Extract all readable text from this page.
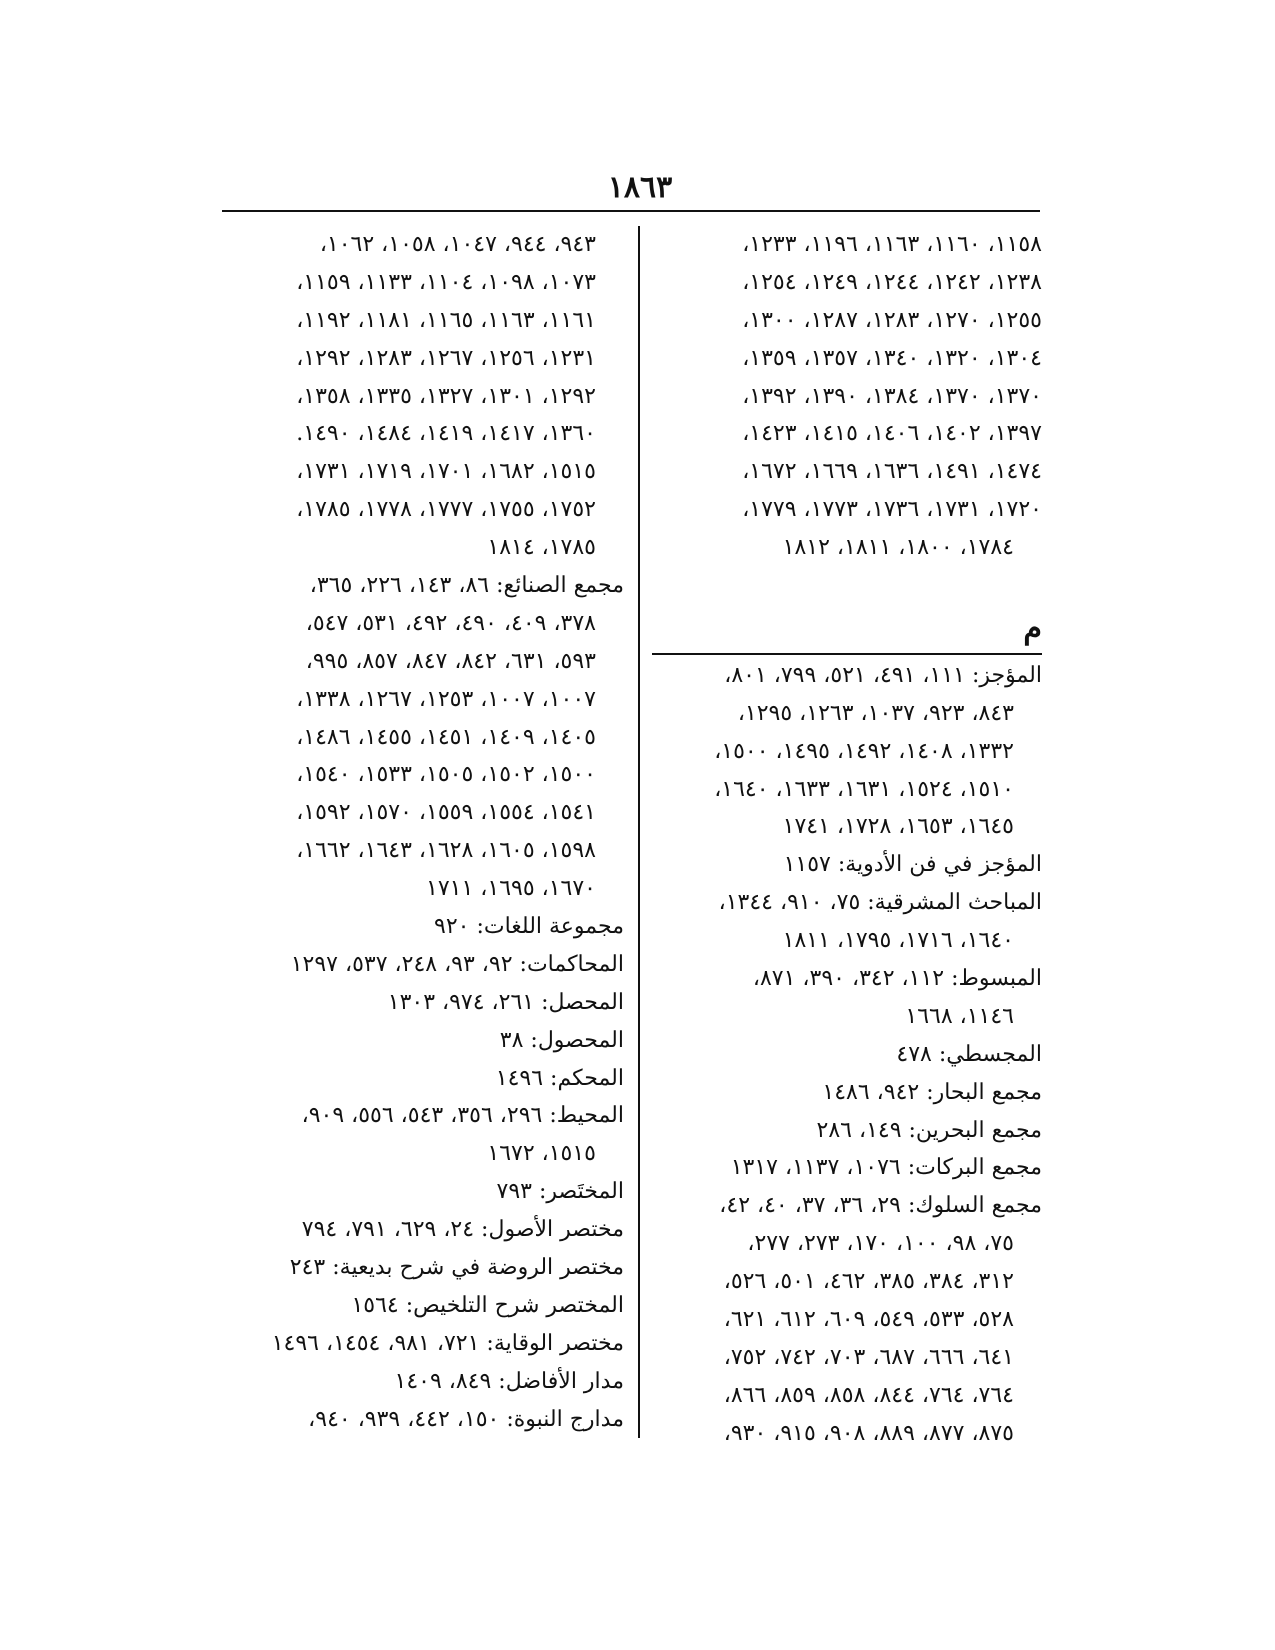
١٨٦٣
١١٥٨، ١١٦٠، ١١٦٣، ١١٩٦، ١٢٣٣،
١٢٣٨، ١٢٤٢، ١٢٤٤، ١٢٤٩، ١٢٥٤،
١٢٥٥، ١٢٧٠، ١٢٨٣، ١٢٨٧، ١٣٠٠،
١٣٠٤، ١٣٢٠، ١٣٤٠، ١٣٥٧، ١٣٥٩،
١٣٧٠، ١٣٧٠، ١٣٨٤، ١٣٩٠، ١٣٩٢،
١٣٩٧، ١٤٠٢، ١٤٠٦، ١٤١٥، ١٤٢٣،
١٤٧٤، ١٤٩١، ١٦٣٦، ١٦٦٩، ١٦٧٢،
١٧٢٠، ١٧٣١، ١٧٣٦، ١٧٧٣، ١٧٧٩،
١٧٨٤، ١٨٠٠، ١٨١١، ١٨١٢
م
المؤجز: ١١١، ٤٩١، ٥٢١، ٧٩٩، ٨٠١،
٨٤٣، ٩٢٣، ١٠٣٧، ١٢٦٣، ١٢٩٥،
١٣٣٢، ١٤٠٨، ١٤٩٢، ١٤٩٥، ١٥٠٠،
١٥١٠، ١٥٢٤، ١٦٣١، ١٦٣٣، ١٦٤٠،
١٦٤٥، ١٦٥٣، ١٧٢٨، ١٧٤١
المؤجز في فن الأدوية: ١١٥٧
المباحث المشرقية: ٧٥، ٩١٠، ١٣٤٤،
١٦٤٠، ١٧١٦، ١٧٩٥، ١٨١١
المبسوط: ١١٢، ٣٤٢، ٣٩٠، ٨٧١،
١١٤٦، ١٦٦٨
المجسطي: ٤٧٨
مجمع البحار: ٩٤٢، ١٤٨٦
مجمع البحرين: ١٤٩، ٢٨٦
مجمع البركات: ١٠٧٦، ١١٣٧، ١٣١٧
مجمع السلوك: ٢٩، ٣٦، ٣٧، ٤٠، ٤٢،
٧٥، ٩٨، ١٠٠، ١٧٠، ٢٧٣، ٢٧٧،
٣١٢، ٣٨٤، ٣٨٥، ٤٦٢، ٥٠١، ٥٢٦،
٥٢٨، ٥٣٣، ٥٤٩، ٦٠٩، ٦١٢، ٦٢١،
٦٤١، ٦٦٦، ٦٨٧، ٧٠٣، ٧٤٢، ٧٥٢،
٧٦٤، ٧٦٤، ٨٤٤، ٨٥٨، ٨٥٩، ٨٦٦،
٨٧٥، ٨٧٧، ٨٨٩، ٩٠٨، ٩١٥، ٩٣٠،
٩٤٣، ٩٤٤، ١٠٤٧، ١٠٥٨، ١٠٦٢،
١٠٧٣، ١٠٩٨، ١١٠٤، ١١٣٣، ١١٥٩،
١١٦١، ١١٦٣، ١١٦٥، ١١٨١، ١١٩٢،
١٢٣١، ١٢٥٦، ١٢٦٧، ١٢٨٣، ١٢٩٢،
١٢٩٢، ١٣٠١، ١٣٢٧، ١٣٣٥، ١٣٥٨،
١٣٦٠، ١٤١٧، ١٤١٩، ١٤٨٤، ١٤٩٠.
١٥١٥، ١٦٨٢، ١٧٠١، ١٧١٩، ١٧٣١،
١٧٥٢، ١٧٥٥، ١٧٧٧، ١٧٧٨، ١٧٨٥،
١٧٨٥، ١٨١٤
مجمع الصنائع: ٨٦، ١٤٣، ٢٢٦، ٣٦٥،
٣٧٨، ٤٠٩، ٤٩٠، ٤٩٢، ٥٣١، ٥٤٧،
٥٩٣، ٦٣١، ٨٤٢، ٨٤٧، ٨٥٧، ٩٩٥،
١٠٠٧، ١٠٠٧، ١٢٥٣، ١٢٦٧، ١٣٣٨،
١٤٠٥، ١٤٠٩، ١٤٥١، ١٤٥٥، ١٤٨٦،
١٥٠٠، ١٥٠٢، ١٥٠٥، ١٥٣٣، ١٥٤٠،
١٥٤١، ١٥٥٤، ١٥٥٩، ١٥٧٠، ١٥٩٢،
١٥٩٨، ١٦٠٥، ١٦٢٨، ١٦٤٣، ١٦٦٢،
١٦٧٠، ١٦٩٥، ١٧١١
مجموعة اللغات: ٩٢٠
المحاكمات: ٩٢، ٩٣، ٢٤٨، ٥٣٧، ١٢٩٧
المحصل: ٢٦١، ٩٧٤، ١٣٠٣
المحصول: ٣٨
المحكم: ١٤٩٦
المحيط: ٢٩٦، ٣٥٦، ٥٤٣، ٥٥٦، ٩٠٩،
١٥١٥، ١٦٧٢
المختَصر: ٧٩٣
مختصر الأصول: ٢٤، ٦٢٩، ٧٩١، ٧٩٤
مختصر الروضة في شرح بديعية: ٢٤٣
المختصر شرح التلخيص: ١٥٦٤
مختصر الوقاية: ٧٢١، ٩٨١، ١٤٥٤، ١٤٩٦
مدار الأفاضل: ٨٤٩، ١٤٠٩
مدارج النبوة: ١٥٠، ٤٤٢، ٩٣٩، ٩٤٠،
